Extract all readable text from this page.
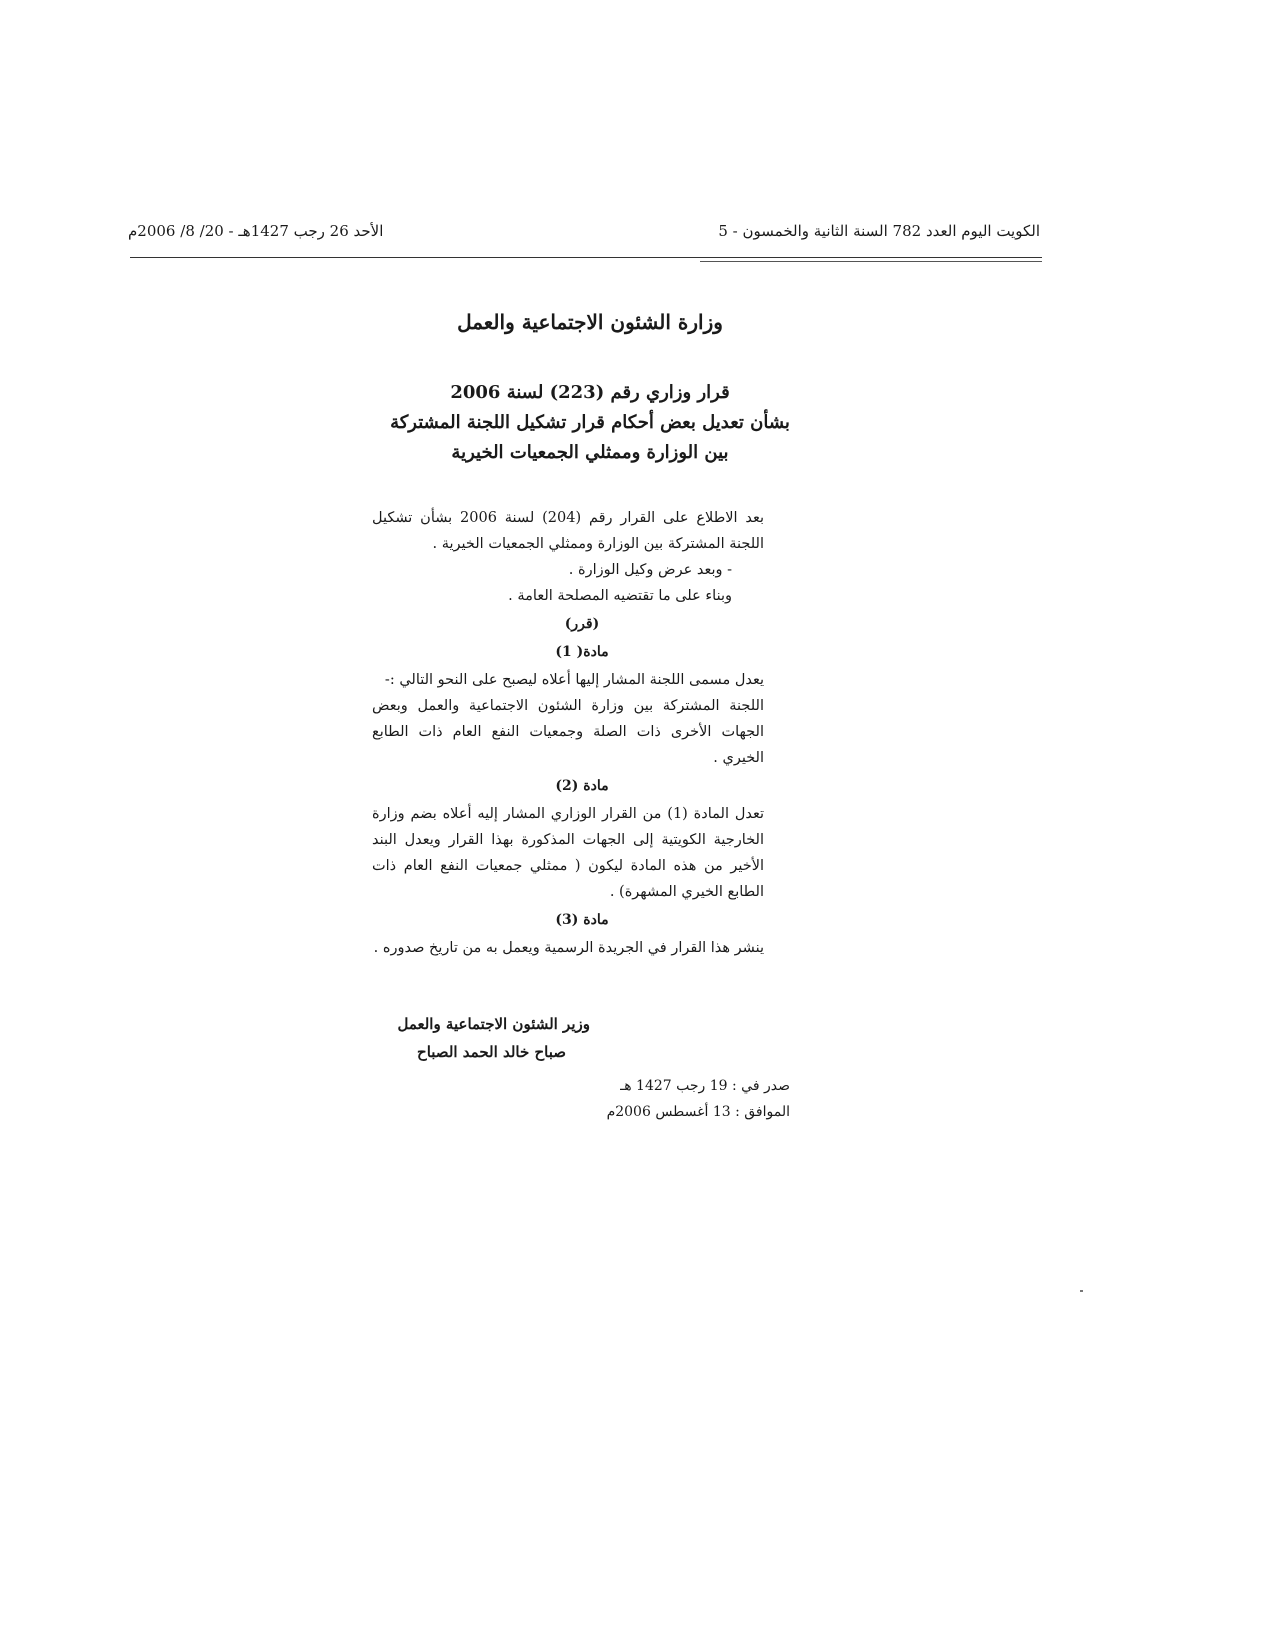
الكويت اليوم العدد 782 السنة الثانية والخمسون - 5
الأحد 26 رجب 1427هـ - 20/ 8/ 2006م
وزارة الشئون الاجتماعية والعمل
قرار وزاري رقم (223) لسنة 2006
بشأن تعديل بعض أحكام قرار تشكيل اللجنة المشتركة
بين الوزارة وممثلي الجمعيات الخيرية

بعد الاطلاع على القرار رقم (204) لسنة 2006 بشأن تشكيل اللجنة المشتركة بين الوزارة وممثلي الجمعيات الخيرية .

- وبعد عرض وكيل الوزارة .

وبناء على ما تقتضيه المصلحة العامة .

(قرر)

مادة( 1)

يعدل مسمى اللجنة المشار إليها أعلاه ليصبح على النحو التالي :-

اللجنة المشتركة بين وزارة الشئون الاجتماعية والعمل وبعض الجهات الأخرى ذات الصلة وجمعيات النفع العام ذات الطابع الخيري .

مادة (2)

تعدل المادة (1) من القرار الوزاري المشار إليه أعلاه بضم وزارة الخارجية الكويتية إلى الجهات المذكورة بهذا القرار ويعدل البند الأخير من هذه المادة ليكون ( ممثلي جمعيات النفع العام ذات الطابع الخيري المشهرة) .

مادة (3)

ينشر هذا القرار في الجريدة الرسمية ويعمل به من تاريخ صدوره .

وزير الشئون الاجتماعية والعمل
صباح خالد الحمد الصباح
صدر في : 19 رجب 1427 هـ
الموافق : 13 أغسطس 2006م
